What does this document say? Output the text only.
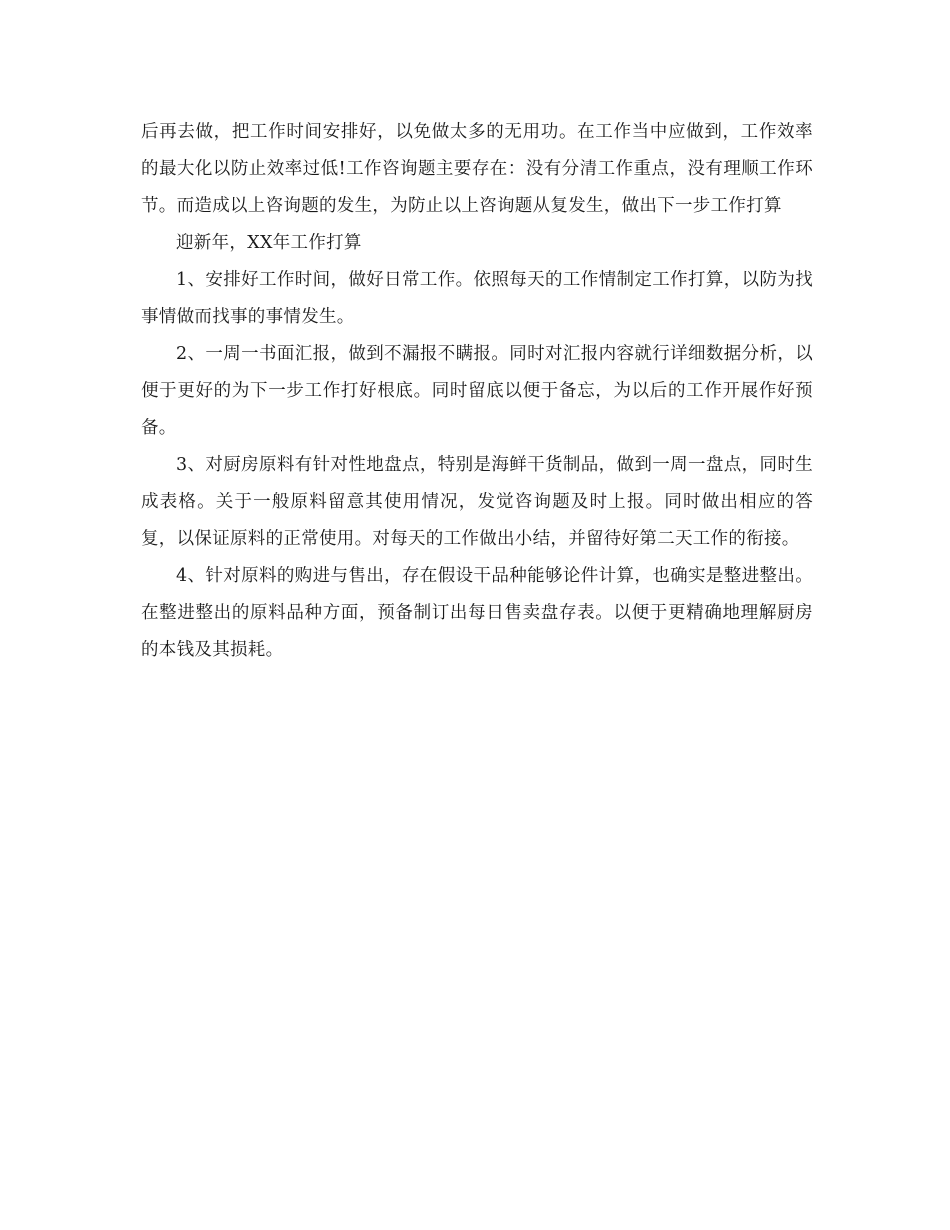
后再去做，把工作时间安排好，以免做太多的无用功。在工作当中应做到，工作效率的最大化以防止效率过低!工作咨询题主要存在：没有分清工作重点，没有理顺工作环节。而造成以上咨询题的发生，为防止以上咨询题从复发生，做出下一步工作打算

迎新年，XX年工作打算

1、安排好工作时间，做好日常工作。依照每天的工作情制定工作打算，以防为找事情做而找事的事情发生。

2、一周一书面汇报，做到不漏报不瞒报。同时对汇报内容就行详细数据分析，以便于更好的为下一步工作打好根底。同时留底以便于备忘，为以后的工作开展作好预备。

3、对厨房原料有针对性地盘点，特别是海鲜干货制品，做到一周一盘点，同时生成表格。关于一般原料留意其使用情况，发觉咨询题及时上报。同时做出相应的答复，以保证原料的正常使用。对每天的工作做出小结，并留待好第二天工作的衔接。

4、针对原料的购进与售出，存在假设干品种能够论件计算，也确实是整进整出。在整进整出的原料品种方面，预备制订出每日售卖盘存表。以便于更精确地理解厨房的本钱及其损耗。
